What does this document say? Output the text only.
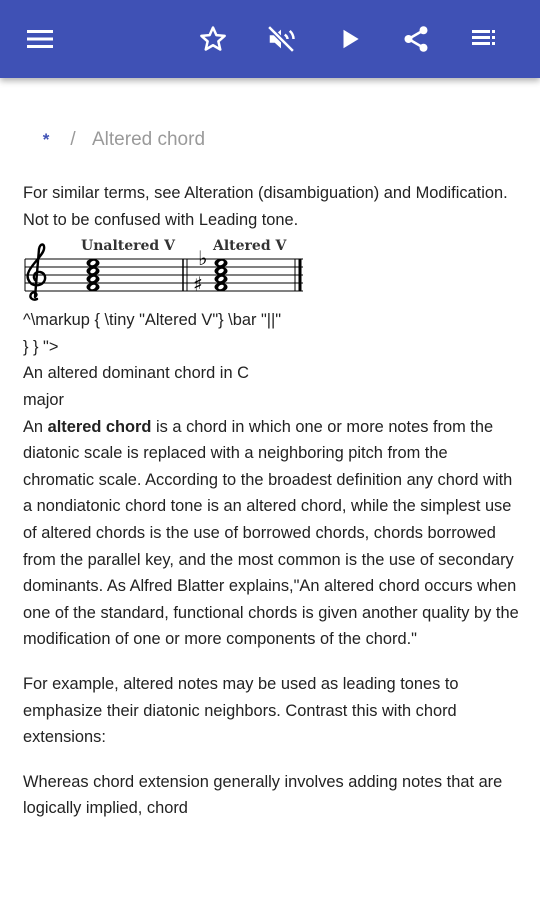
* / Altered chord

For similar terms, see Alteration (disambiguation) and Modification.

Not to be confused with Leading tone.

Unaltered V
♯
♭ Altered V

^\markup { \tiny "Altered V"} \bar "||"

} } ">

An altered dominant chord in C

major

An altered chord is a chord in which one or more notes from the diatonic scale is replaced with a neighboring pitch from the chromatic scale. According to the broadest definition any chord with a nondiatonic chord tone is an altered chord, while the simplest use of altered chords is the use of borrowed chords, chords borrowed from the parallel key, and the most common is the use of secondary dominants. As Alfred Blatter explains,"An altered chord occurs when one of the standard, functional chords is given another quality by the modification of one or more components of the chord."

For example, altered notes may be used as leading tones to emphasize their diatonic neighbors. Contrast this with chord extensions:

Whereas chord extension generally involves adding notes that are logically implied, chord
